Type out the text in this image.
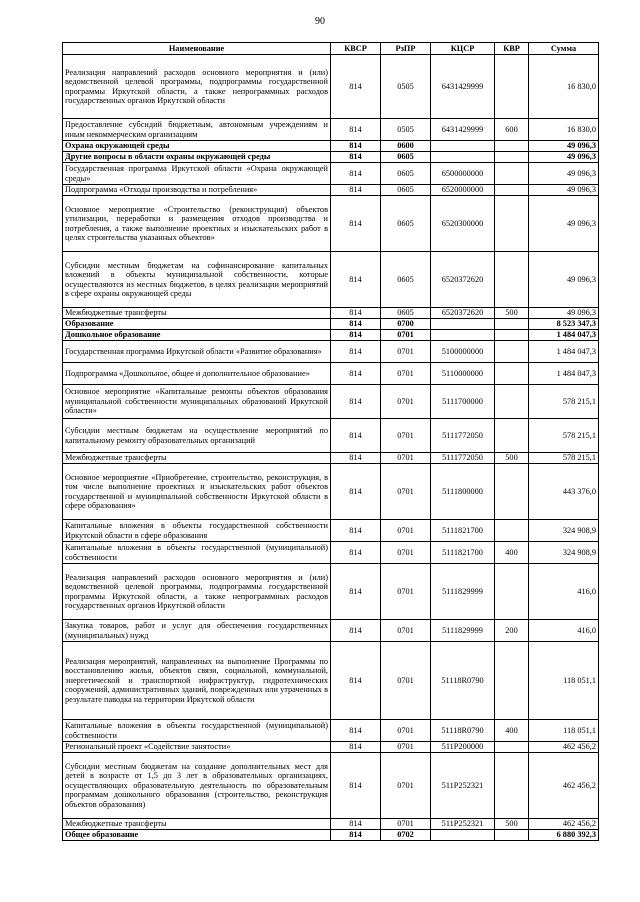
90
Наименование	КВСР	РзПР	КЦСР	КВР	Сумма
Реализация направлений расходов основного мероприятия и (или) ведомственной целевой программы, подпрограммы государственной программы Иркутской области, а также непрограммных расходов государственных органов Иркутской области	814	0505	6431429999		16 830,0
Предоставление субсидий бюджетным, автономным учреждениям и иным некоммерческим организациям	814	0505	6431429999	600	16 830,0
Охрана окружающей среды	814	0600			49 096,3
Другие вопросы в области охраны окружающей среды	814	0605			49 096,3
Государственная программа Иркутской области «Охрана окружающей среды»	814	0605	6500000000		49 096,3
Подпрограмма «Отходы производства и потребления»	814	0605	6520000000		49 096,3
Основное мероприятие «Строительство (реконструкция) объектов утилизации, переработки и размещения отходов производства и потребления, а также выполнение проектных и изыскательских работ в целях строительства указанных объектов»	814	0605	6520300000		49 096,3
Субсидии местным бюджетам на софинансирование капитальных вложений в объекты муниципальной собственности, которые осуществляются из местных бюджетов, в целях реализации мероприятий в сфере охраны окружающей среды	814	0605	6520372620		49 096,3
Межбюджетные трансферты	814	0605	6520372620	500	49 096,3
Образование	814	0700			8 523 347,3
Дошкольное образование	814	0701			1 484 047,3
Государственная программа Иркутской области «Развитие образования»	814	0701	5100000000		1 484 047,3
Подпрограмма «Дошкольное, общее и дополнительное образование»	814	0701	5110000000		1 484 047,3
Основное мероприятие «Капитальные ремонты объектов образования муниципальной собственности муниципальных образований Иркутской области»	814	0701	5111700000		578 215,1
Субсидии местным бюджетам на осуществление мероприятий по капитальному ремонту образовательных организаций	814	0701	5111772050		578 215,1
Межбюджетные трансферты	814	0701	5111772050	500	578 215,1
Основное мероприятие «Приобретение, строительство, реконструкция, в том числе выполнение проектных и изыскательских работ объектов государственной и муниципальной собственности Иркутской области в сфере образования»	814	0701	5111800000		443 376,0
Капитальные вложения в объекты государственной собственности Иркутской области в сфере образования	814	0701	5111821700		324 908,9
Капитальные вложения в объекты государственной (муниципальной) собственности	814	0701	5111821700	400	324 908,9
Реализация направлений расходов основного мероприятия и (или) ведомственной целевой программы, подпрограммы государственной программы Иркутской области, а также непрограммных расходов государственных органов Иркутской области	814	0701	5111829999		416,0
Закупка товаров, работ и услуг для обеспечения государственных (муниципальных) нужд	814	0701	5111829999	200	416,0
Реализация мероприятий, направленных на выполнение Программы по восстановлению жилья, объектов связи, социальной, коммунальной, энергетической и транспортной инфраструктур, гидротехнических сооружений, административных зданий, поврежденных или утраченных в результате паводка на территории Иркутской области	814	0701	51118R0790		118 051,1
Капитальные вложения в объекты государственной (муниципальной) собственности	814	0701	51118R0790	400	118 051,1
Региональный проект «Содействие занятости»	814	0701	511P200000		462 456,2
Субсидии местным бюджетам на создание дополнительных мест для детей в возрасте от 1,5 до 3 лет в образовательных организациях, осуществляющих образовательную деятельность по образовательным программам дошкольного образования (строительство, реконструкция объектов образования)	814	0701	511P252321		462 456,2
Межбюджетные трансферты	814	0701	511P252321	500	462 456,2
Общее образование	814	0702			6 880 392,3
